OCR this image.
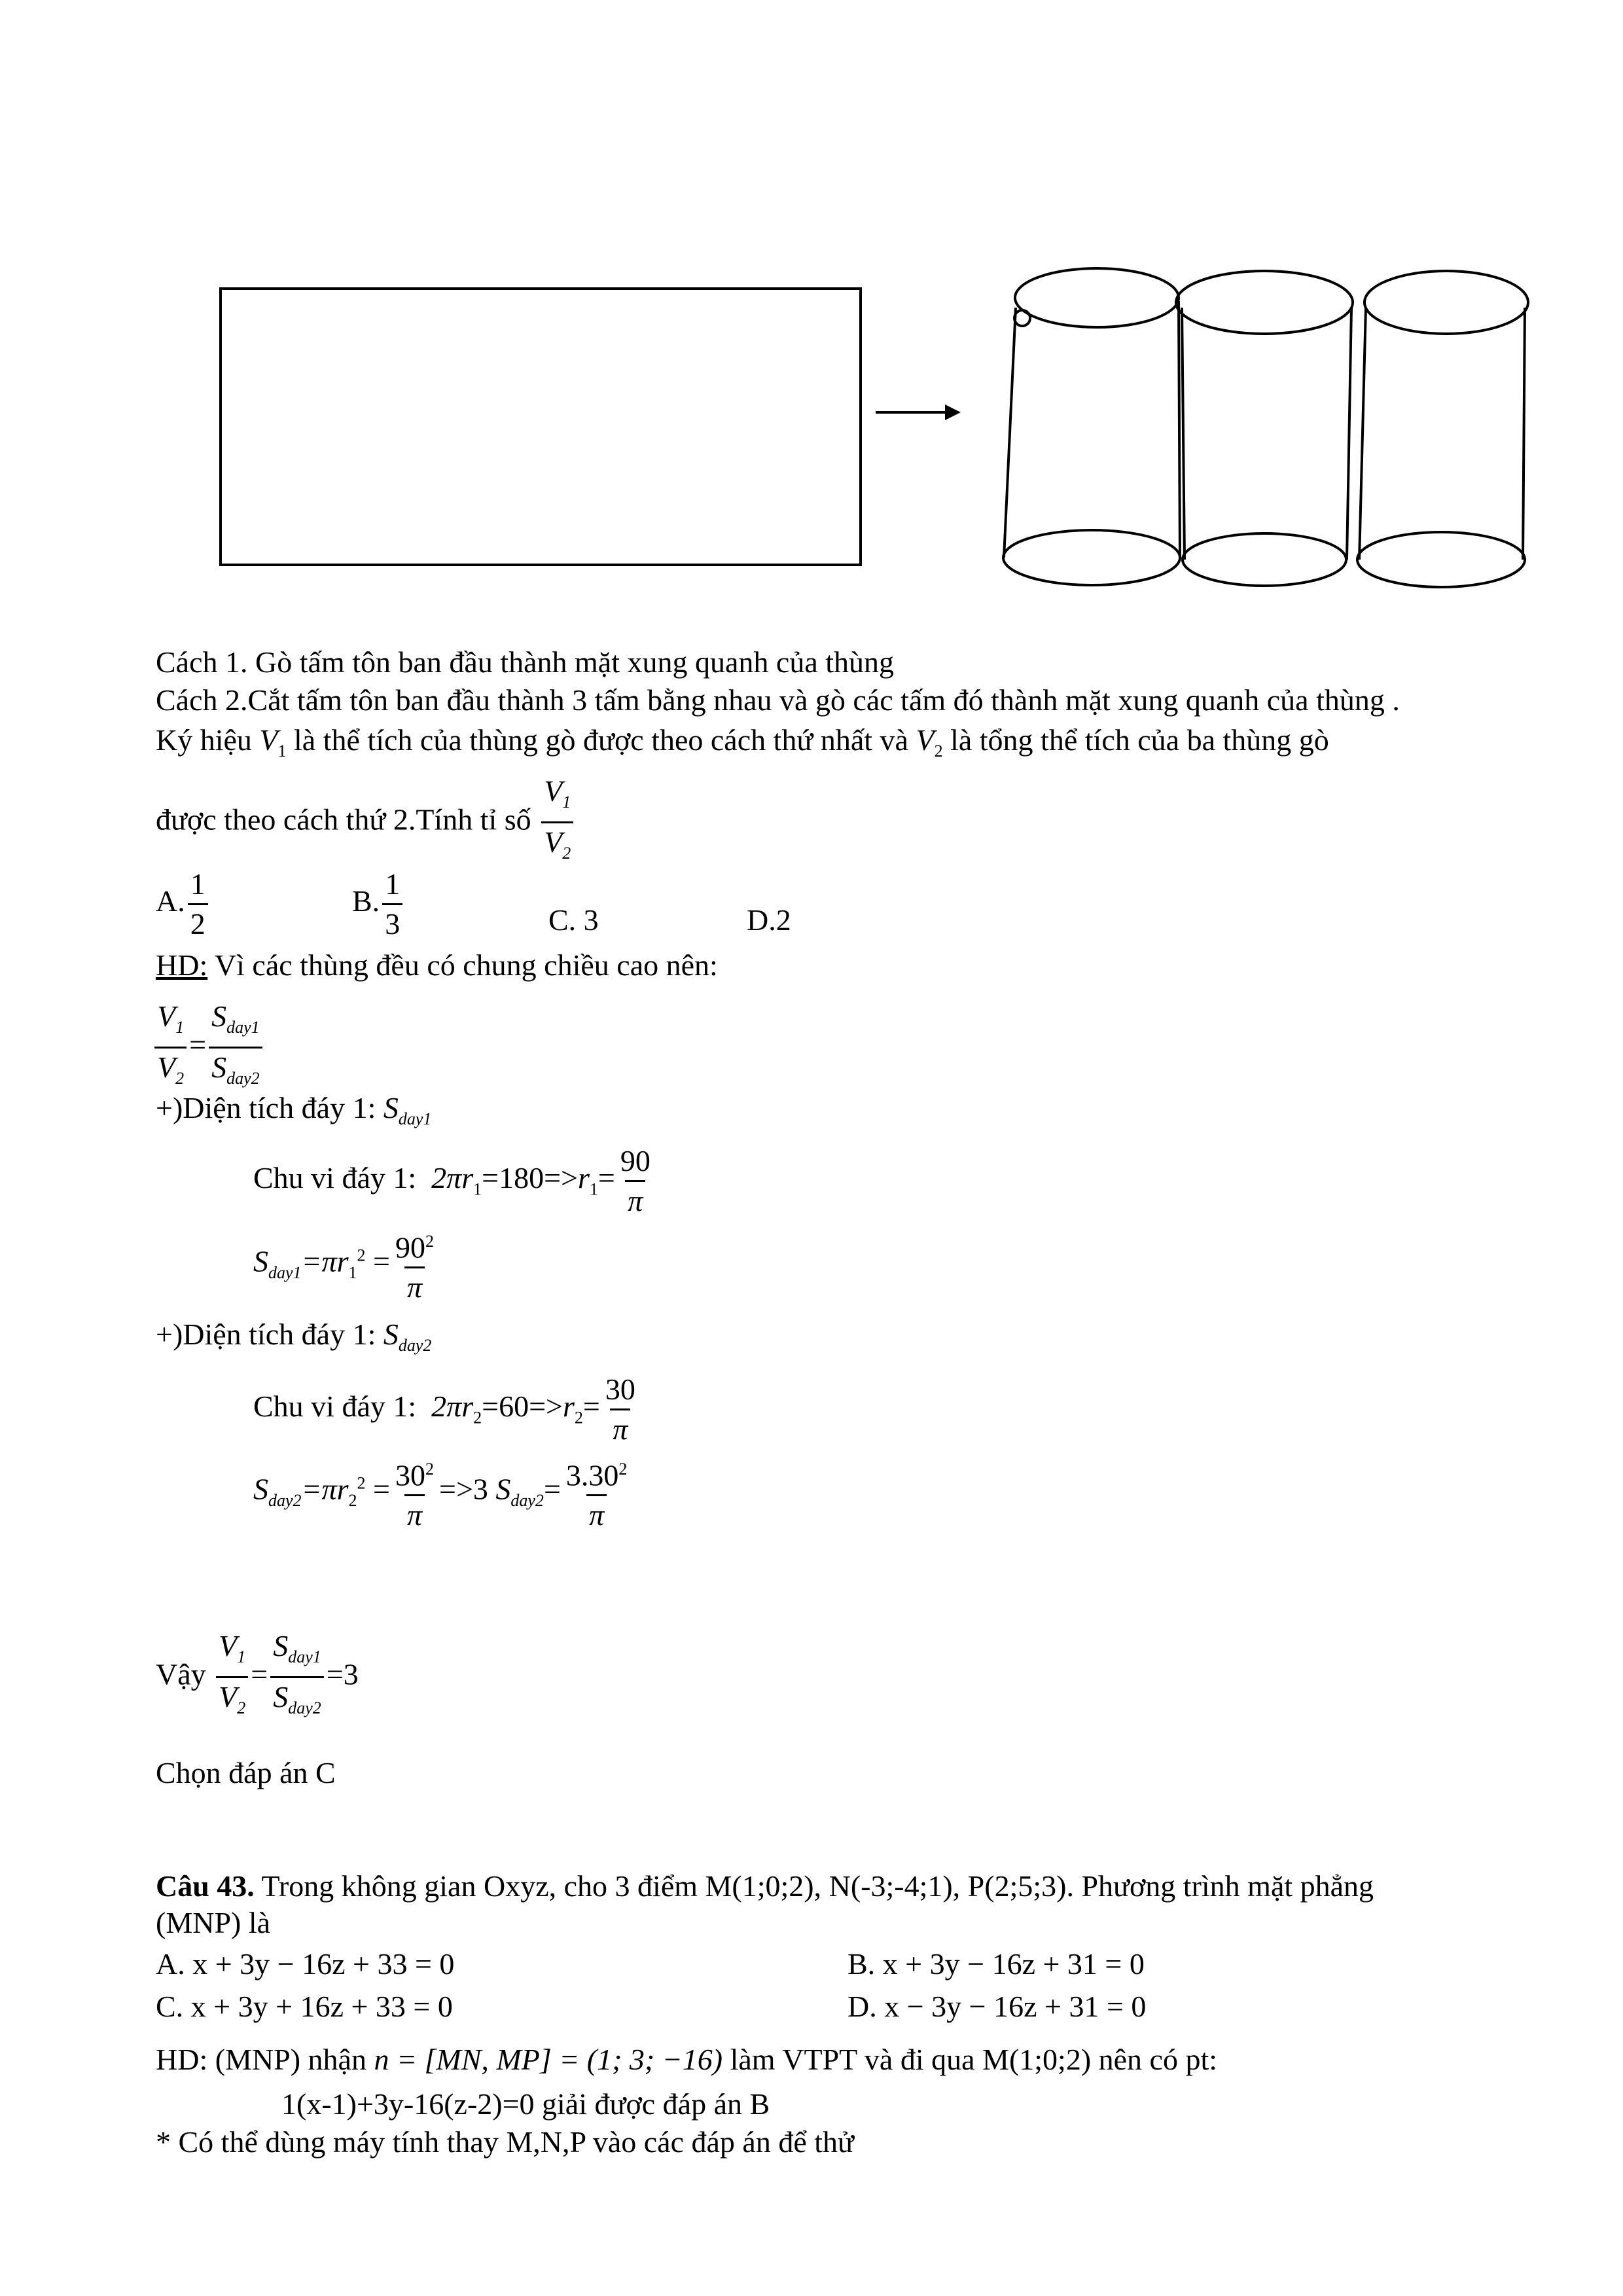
Cách 1. Gò tấm tôn ban đầu thành mặt xung quanh của thùng
Cách 2.Cắt tấm tôn ban đầu thành 3 tấm bằng nhau và gò các tấm đó thành mặt xung quanh của thùng .
Ký hiệu $V_1$ là thể tích của thùng gò được theo cách thứ nhất và $V_2$ là tổng thể tích của ba thùng gò
được theo cách thứ 2.Tính tỉ số $\frac{V_1}{V_2}$
A. $\frac{1}{2}$	B. $\frac{1}{3}$	C. 3	D.2
HD: Vì các thùng đều có chung chiều cao nên:
$\frac{V_1}{V_2}$ =
$S_{day1}$
$S_{day2}$
+)Diện tích đáy 1: $S_{day1}$
Chu vi đáy 1: $2\pi r_1=180=>r_1= \frac{90}{\pi}$
$S_{day1}=\pi r_1^2 = \frac{90^2}{\pi}$
+)Diện tích đáy 1: $S_{day2}$
Chu vi đáy 1: $2\pi r_2=60=>r_2= \frac{30}{\pi}$
$S_{day2}=\pi r_2^2 = \frac{30^2}{\pi} =>3$ $S_{day2}= \frac{3.30^2}{\pi}$
Vậy $\frac{V_1}{V_2}$ =
$S_{day1}$
$S_{day2}$
=3
Chọn đáp án C
Câu 43. Trong không gian Oxyz, cho 3 điểm M(1;0;2), N(-3;-4;1), P(2;5;3). Phương trình mặt phẳng
(MNP) là
A. x + 3y − 16z + 33 = 0	B. x + 3y − 16z + 31 = 0
C. x + 3y + 16z + 33 = 0	D. x − 3y − 16z + 31 = 0
HD: (MNP) nhận n = [MN, MP] = (1; 3; −16) làm VTPT và đi qua M(1;0;2) nên có pt:
1(x-1)+3y-16(z-2)=0 giải được đáp án B
* Có thể dùng máy tính thay M,N,P vào các đáp án để thử
